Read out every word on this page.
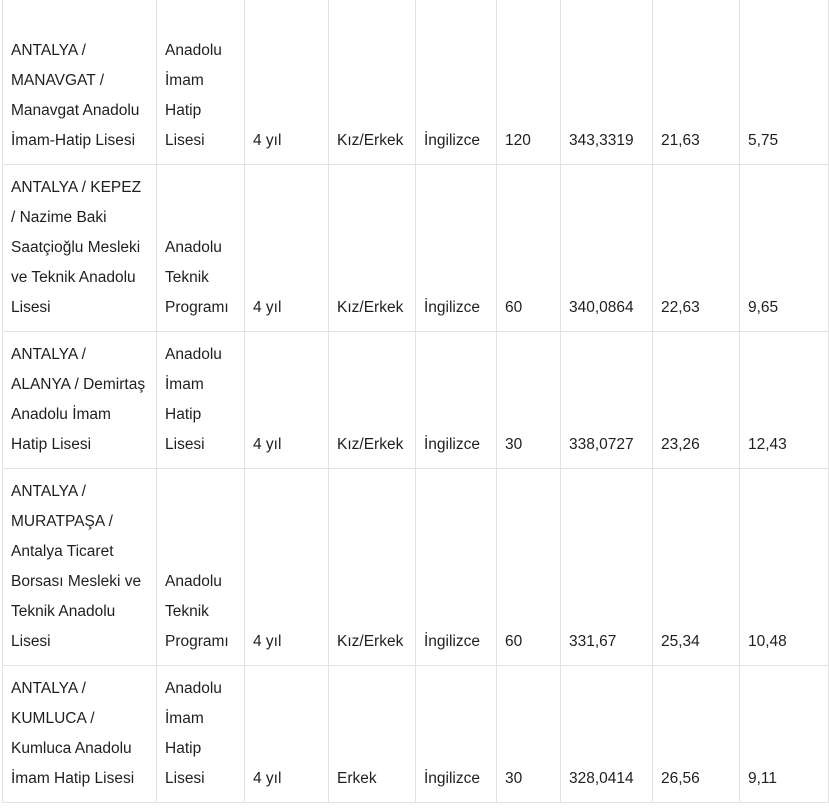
ANTALYA / MANAVGAT / Manavgat Anadolu İmam-Hatip Lisesi	Anadolu İmam Hatip Lisesi	4 yıl	Kız/Erkek	İngilizce	120	343,3319	21,63	5,75
ANTALYA / KEPEZ / Nazime Baki Saatçioğlu Mesleki ve Teknik Anadolu Lisesi	Anadolu Teknik Programı	4 yıl	Kız/Erkek	İngilizce	60	340,0864	22,63	9,65
ANTALYA / ALANYA / Demirtaş Anadolu İmam Hatip Lisesi	Anadolu İmam Hatip Lisesi	4 yıl	Kız/Erkek	İngilizce	30	338,0727	23,26	12,43
ANTALYA / MURATPAŞA / Antalya Ticaret Borsası Mesleki ve Teknik Anadolu Lisesi	Anadolu Teknik Programı	4 yıl	Kız/Erkek	İngilizce	60	331,67	25,34	10,48
ANTALYA / KUMLUCA / Kumluca Anadolu İmam Hatip Lisesi	Anadolu İmam Hatip Lisesi	4 yıl	Erkek	İngilizce	30	328,0414	26,56	9,11
